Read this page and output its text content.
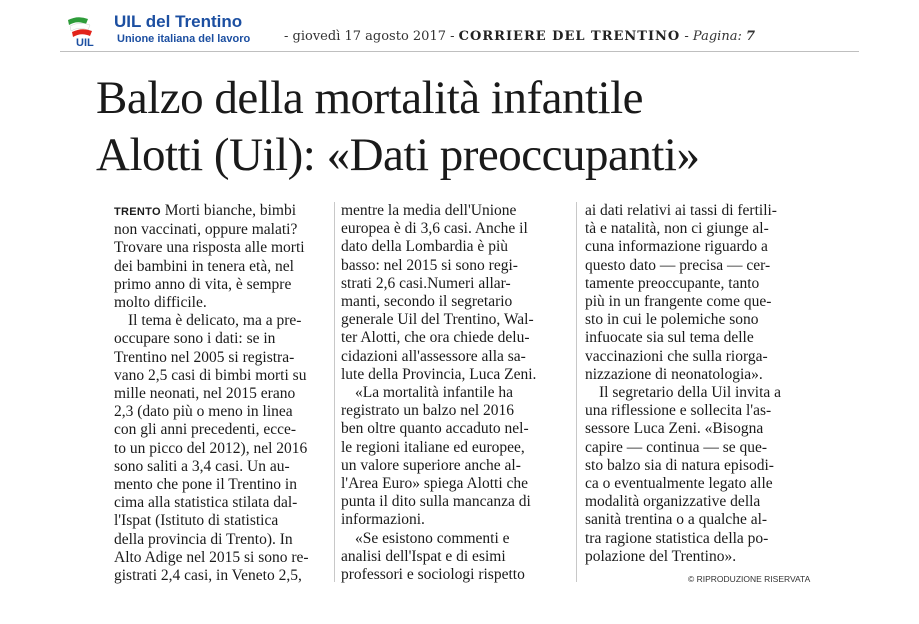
UIL
UIL del Trentino
Unione italiana del lavoro	- giovedì 17 agosto 2017 - CORRIERE DEL TRENTINO - Pagina: 7
Balzo della mortalità infantile
Alotti (Uil): «Dati preoccupanti»
TRENTO Morti bianche, bimbi
non vaccinati, oppure malati?
Trovare una risposta alle morti
dei bambini in tenera età, nel
primo anno di vita, è sempre
molto difficile.
Il tema è delicato, ma a pre-
occupare sono i dati: se in
Trentino nel 2005 si registra-
vano 2,5 casi di bimbi morti su
mille neonati, nel 2015 erano
2,3 (dato più o meno in linea
con gli anni precedenti, ecce-
to un picco del 2012), nel 2016
sono saliti a 3,4 casi. Un au-
mento che pone il Trentino in
cima alla statistica stilata dal-
l'Ispat (Istituto di statistica
della provincia di Trento). In
Alto Adige nel 2015 si sono re-
gistrati 2,4 casi, in Veneto 2,5,
mentre la media dell'Unione
europea è di 3,6 casi. Anche il
dato della Lombardia è più
basso: nel 2015 si sono regi-
strati 2,6 casi.Numeri allar-
manti, secondo il segretario
generale Uil del Trentino, Wal-
ter Alotti, che ora chiede delu-
cidazioni all'assessore alla sa-
lute della Provincia, Luca Zeni.
«La mortalità infantile ha
registrato un balzo nel 2016
ben oltre quanto accaduto nel-
le regioni italiane ed europee,
un valore superiore anche al-
l'Area Euro» spiega Alotti che
punta il dito sulla mancanza di
informazioni.
«Se esistono commenti e
analisi dell'Ispat e di esimi
professori e sociologi rispetto
ai dati relativi ai tassi di fertili-
tà e natalità, non ci giunge al-
cuna informazione riguardo a
questo dato — precisa — cer-
tamente preoccupante, tanto
più in un frangente come que-
sto in cui le polemiche sono
infuocate sia sul tema delle
vaccinazioni che sulla riorga-
nizzazione di neonatologia».
Il segretario della Uil invita a
una riflessione e sollecita l'as-
sessore Luca Zeni. «Bisogna
capire — continua — se que-
sto balzo sia di natura episodi-
ca o eventualmente legato alle
modalità organizzative della
sanità trentina o a qualche al-
tra ragione statistica della po-
polazione del Trentino».
© RIPRODUZIONE RISERVATA
